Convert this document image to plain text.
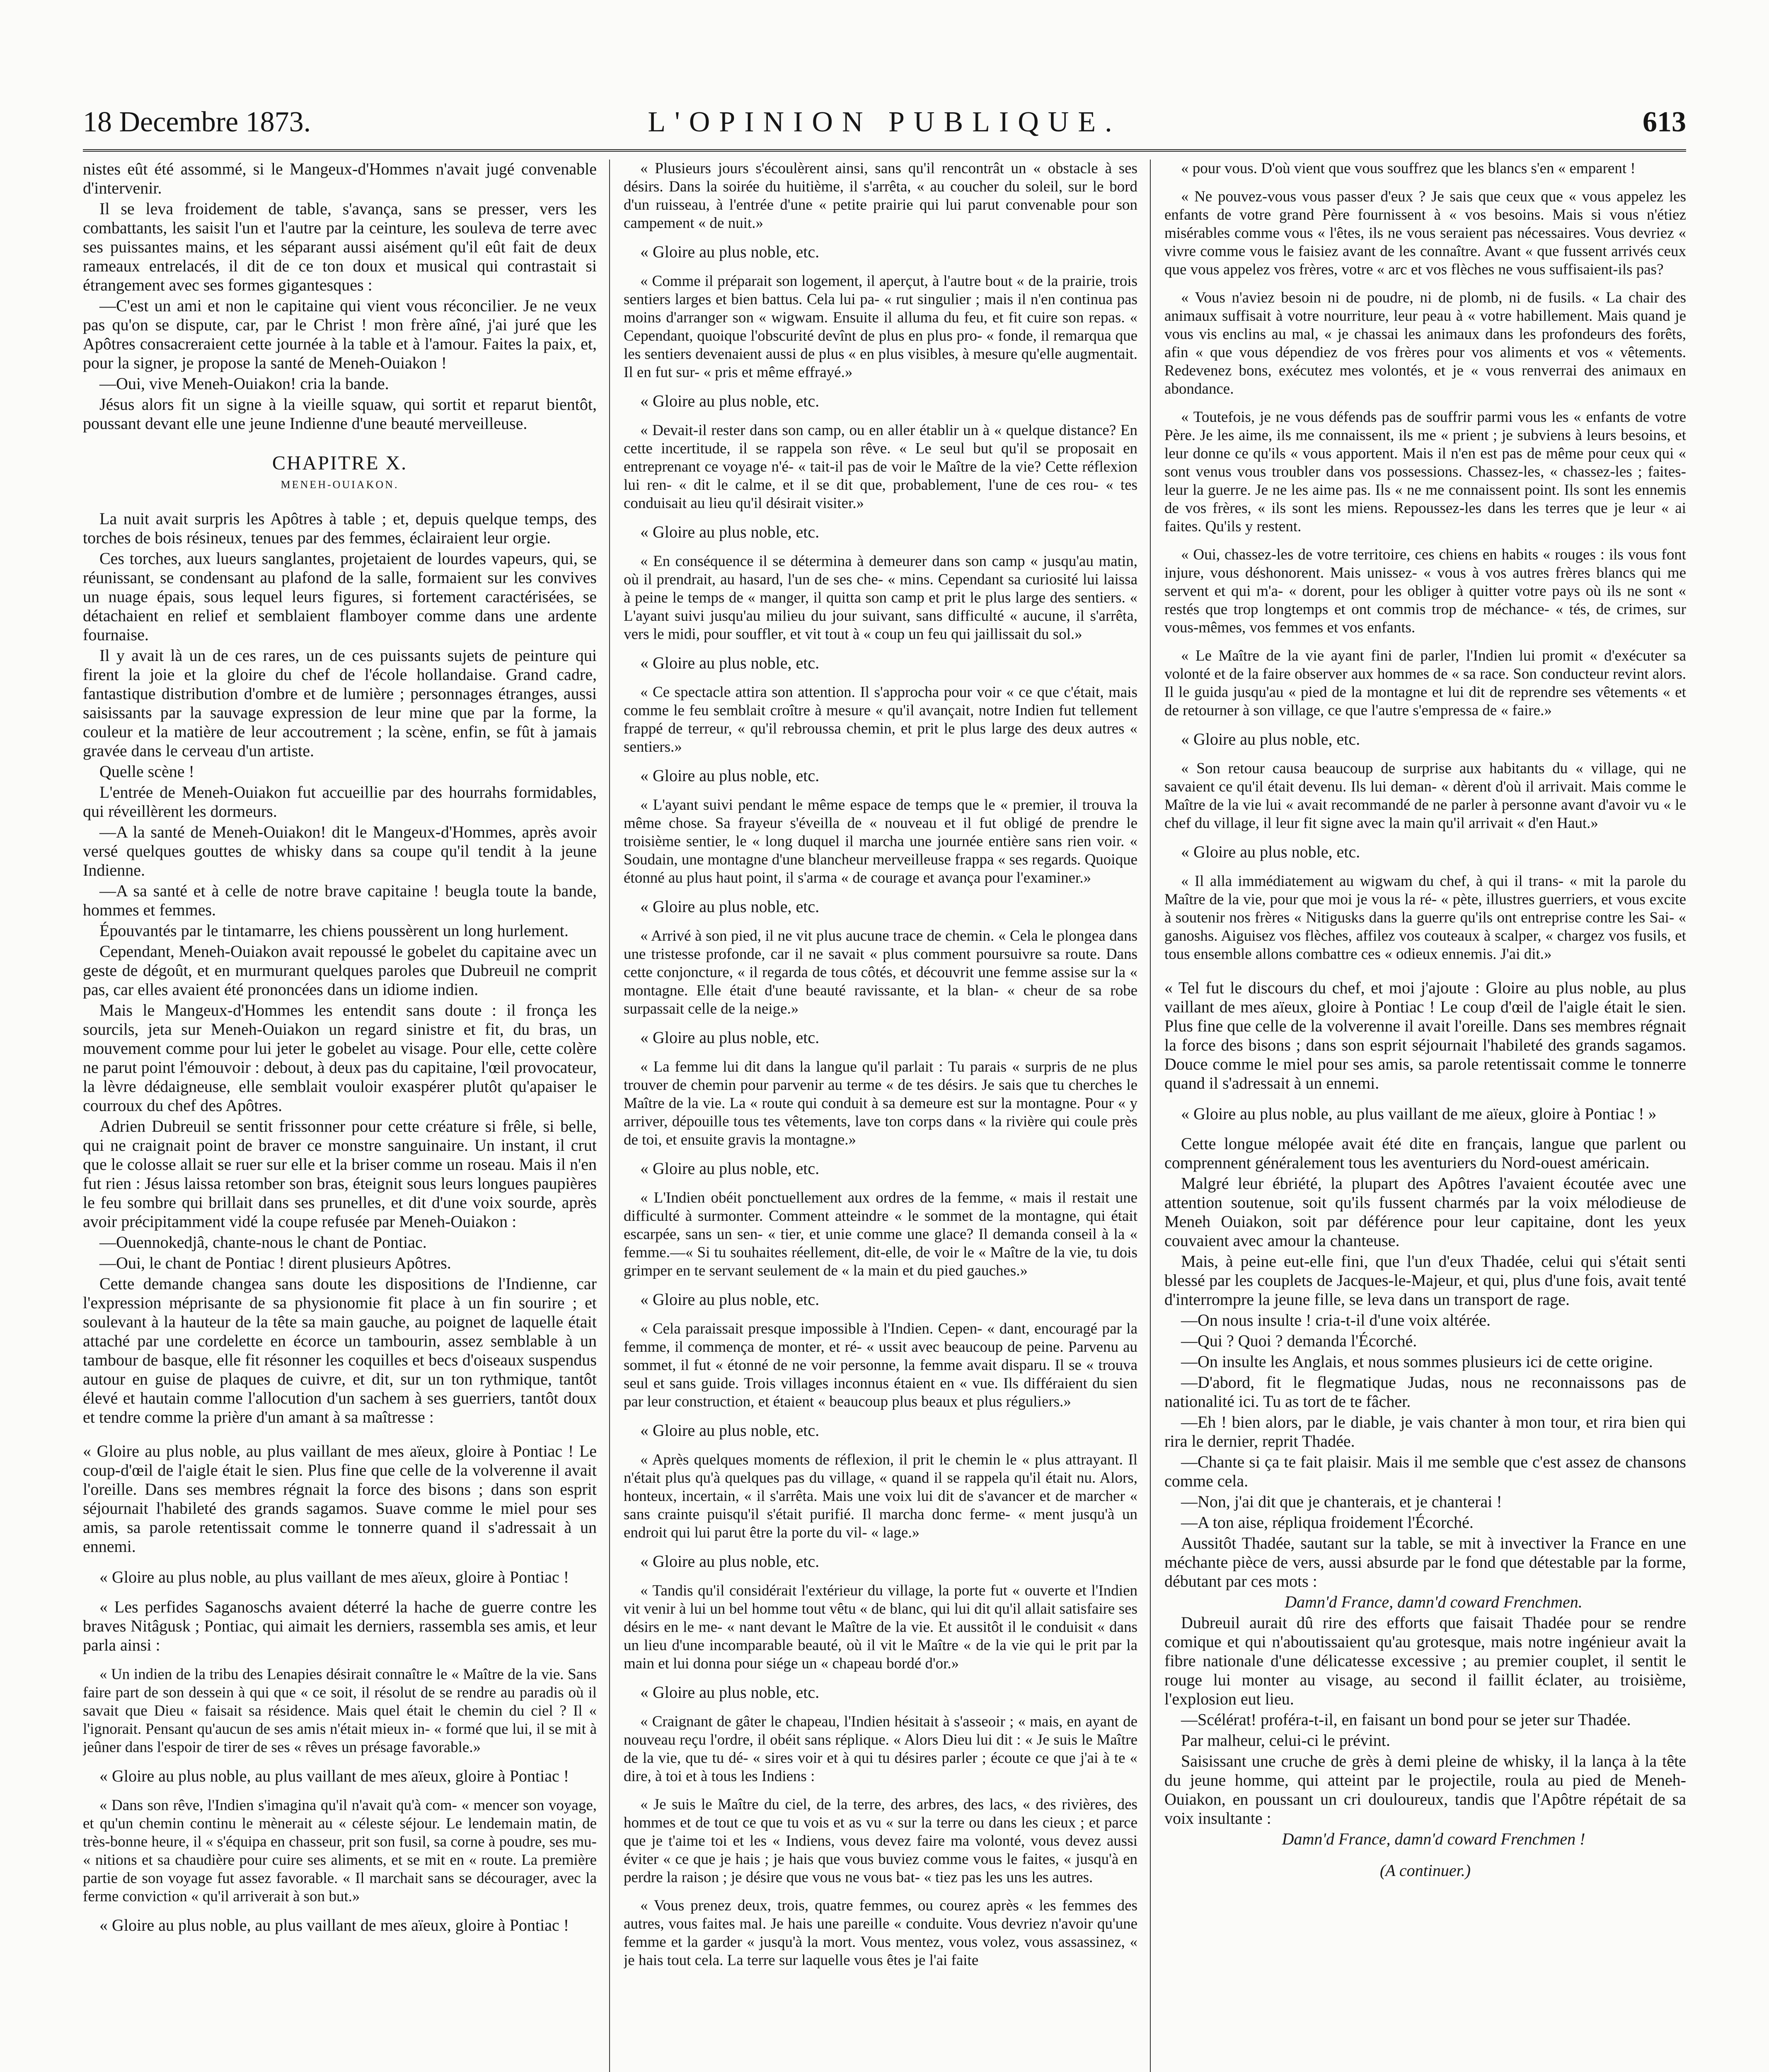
18 Decembre 1873.	L'OPINION PUBLIQUE.	613

nistes eût été assommé, si le Mangeux-d'Hommes n'avait jugé convenable d'intervenir.

Il se leva froidement de table, s'avança, sans se presser, vers les combattants, les saisit l'un et l'autre par la ceinture, les souleva de terre avec ses puissantes mains, et les séparant aussi aisément qu'il eût fait de deux rameaux entrelacés, il dit de ce ton doux et musical qui contrastait si étrangement avec ses formes gigantesques :

—C'est un ami et non le capitaine qui vient vous réconcilier. Je ne veux pas qu'on se dispute, car, par le Christ ! mon frère aîné, j'ai juré que les Apôtres consacreraient cette journée à la table et à l'amour. Faites la paix, et, pour la signer, je propose la santé de Meneh-Ouiakon !

—Oui, vive Meneh-Ouiakon! cria la bande.

Jésus alors fit un signe à la vieille squaw, qui sortit et reparut bientôt, poussant devant elle une jeune Indienne d'une beauté merveilleuse.

CHAPITRE X.
MENEH-OUIAKON.

La nuit avait surpris les Apôtres à table ; et, depuis quelque temps, des torches de bois résineux, tenues par des femmes, éclairaient leur orgie.

Ces torches, aux lueurs sanglantes, projetaient de lourdes vapeurs, qui, se réunissant, se condensant au plafond de la salle, formaient sur les convives un nuage épais, sous lequel leurs figures, si fortement caractérisées, se détachaient en relief et semblaient flamboyer comme dans une ardente fournaise.

Il y avait là un de ces rares, un de ces puissants sujets de peinture qui firent la joie et la gloire du chef de l'école hollandaise. Grand cadre, fantastique distribution d'ombre et de lumière ; personnages étranges, aussi saisissants par la sauvage expression de leur mine que par la forme, la couleur et la matière de leur accoutrement ; la scène, enfin, se fût à jamais gravée dans le cerveau d'un artiste.

Quelle scène !

L'entrée de Meneh-Ouiakon fut accueillie par des hourrahs formidables, qui réveillèrent les dormeurs.

—A la santé de Meneh-Ouiakon! dit le Mangeux-d'Hommes, après avoir versé quelques gouttes de whisky dans sa coupe qu'il tendit à la jeune Indienne.

—A sa santé et à celle de notre brave capitaine ! beugla toute la bande, hommes et femmes.

Épouvantés par le tintamarre, les chiens poussèrent un long hurlement.

Cependant, Meneh-Ouiakon avait repoussé le gobelet du capitaine avec un geste de dégoût, et en murmurant quelques paroles que Dubreuil ne comprit pas, car elles avaient été prononcées dans un idiome indien.

Mais le Mangeux-d'Hommes les entendit sans doute : il fronça les sourcils, jeta sur Meneh-Ouiakon un regard sinistre et fit, du bras, un mouvement comme pour lui jeter le gobelet au visage. Pour elle, cette colère ne parut point l'émouvoir : debout, à deux pas du capitaine, l'œil provocateur, la lèvre dédaigneuse, elle semblait vouloir exaspérer plutôt qu'apaiser le courroux du chef des Apôtres.

Adrien Dubreuil se sentit frissonner pour cette créature si frêle, si belle, qui ne craignait point de braver ce monstre sanguinaire. Un instant, il crut que le colosse allait se ruer sur elle et la briser comme un roseau. Mais il n'en fut rien : Jésus laissa retomber son bras, éteignit sous leurs longues paupières le feu sombre qui brillait dans ses prunelles, et dit d'une voix sourde, après avoir précipitamment vidé la coupe refusée par Meneh-Ouiakon :

—Ouennokedjâ, chante-nous le chant de Pontiac.

—Oui, le chant de Pontiac ! dirent plusieurs Apôtres.

Cette demande changea sans doute les dispositions de l'Indienne, car l'expression méprisante de sa physionomie fit place à un fin sourire ; et soulevant à la hauteur de la tête sa main gauche, au poignet de laquelle était attaché par une cordelette en écorce un tambourin, assez semblable à un tambour de basque, elle fit résonner les coquilles et becs d'oiseaux suspendus autour en guise de plaques de cuivre, et dit, sur un ton rythmique, tantôt élevé et hautain comme l'allocution d'un sachem à ses guerriers, tantôt doux et tendre comme la prière d'un amant à sa maîtresse :

« Gloire au plus noble, au plus vaillant de mes aïeux, gloire à Pontiac ! Le coup-d'œil de l'aigle était le sien. Plus fine que celle de la volverenne il avait l'oreille. Dans ses membres régnait la force des bisons ; dans son esprit séjournait l'habileté des grands sagamos. Suave comme le miel pour ses amis, sa parole retentissait comme le tonnerre quand il s'adressait à un ennemi.

« Gloire au plus noble, au plus vaillant de mes aïeux, gloire à Pontiac !

« Les perfides Saganoschs avaient déterré la hache de guerre contre les braves Nitâgusk ; Pontiac, qui aimait les derniers, rassembla ses amis, et leur parla ainsi :

« Un indien de la tribu des Lenapies désirait connaître le « Maître de la vie. Sans faire part de son dessein à qui que « ce soit, il résolut de se rendre au paradis où il savait que Dieu « faisait sa résidence. Mais quel était le chemin du ciel ? Il « l'ignorait. Pensant qu'aucun de ses amis n'était mieux in- « formé que lui, il se mit à jeûner dans l'espoir de tirer de ses « rêves un présage favorable.»

« Gloire au plus noble, au plus vaillant de mes aïeux, gloire à Pontiac !

« Dans son rêve, l'Indien s'imagina qu'il n'avait qu'à com- « mencer son voyage, et qu'un chemin continu le mènerait au « céleste séjour. Le lendemain matin, de très-bonne heure, il « s'équipa en chasseur, prit son fusil, sa corne à poudre, ses mu- « nitions et sa chaudière pour cuire ses aliments, et se mit en « route. La première partie de son voyage fut assez favorable. « Il marchait sans se décourager, avec la ferme conviction « qu'il arriverait à son but.»

« Gloire au plus noble, au plus vaillant de mes aïeux, gloire à Pontiac !

« Plusieurs jours s'écoulèrent ainsi, sans qu'il rencontrât un « obstacle à ses désirs. Dans la soirée du huitième, il s'arrêta, « au coucher du soleil, sur le bord d'un ruisseau, à l'entrée d'une « petite prairie qui lui parut convenable pour son campement « de nuit.»

« Gloire au plus noble, etc.

« Comme il préparait son logement, il aperçut, à l'autre bout « de la prairie, trois sentiers larges et bien battus. Cela lui pa- « rut singulier ; mais il n'en continua pas moins d'arranger son « wigwam. Ensuite il alluma du feu, et fit cuire son repas. « Cependant, quoique l'obscurité devînt de plus en plus pro- « fonde, il remarqua que les sentiers devenaient aussi de plus « en plus visibles, à mesure qu'elle augmentait. Il en fut sur- « pris et même effrayé.»

« Gloire au plus noble, etc.

« Devait-il rester dans son camp, ou en aller établir un à « quelque distance? En cette incertitude, il se rappela son rêve. « Le seul but qu'il se proposait en entreprenant ce voyage n'é- « tait-il pas de voir le Maître de la vie? Cette réflexion lui ren- « dit le calme, et il se dit que, probablement, l'une de ces rou- « tes conduisait au lieu qu'il désirait visiter.»

« Gloire au plus noble, etc.

« En conséquence il se détermina à demeurer dans son camp « jusqu'au matin, où il prendrait, au hasard, l'un de ses che- « mins. Cependant sa curiosité lui laissa à peine le temps de « manger, il quitta son camp et prit le plus large des sentiers. « L'ayant suivi jusqu'au milieu du jour suivant, sans difficulté « aucune, il s'arrêta, vers le midi, pour souffler, et vit tout à « coup un feu qui jaillissait du sol.»

« Gloire au plus noble, etc.

« Ce spectacle attira son attention. Il s'approcha pour voir « ce que c'était, mais comme le feu semblait croître à mesure « qu'il avançait, notre Indien fut tellement frappé de terreur, « qu'il rebroussa chemin, et prit le plus large des deux autres « sentiers.»

« Gloire au plus noble, etc.

« L'ayant suivi pendant le même espace de temps que le « premier, il trouva la même chose. Sa frayeur s'éveilla de « nouveau et il fut obligé de prendre le troisième sentier, le « long duquel il marcha une journée entière sans rien voir. « Soudain, une montagne d'une blancheur merveilleuse frappa « ses regards. Quoique étonné au plus haut point, il s'arma « de courage et avança pour l'examiner.»

« Gloire au plus noble, etc.

« Arrivé à son pied, il ne vit plus aucune trace de chemin. « Cela le plongea dans une tristesse profonde, car il ne savait « plus comment poursuivre sa route. Dans cette conjoncture, « il regarda de tous côtés, et découvrit une femme assise sur la « montagne. Elle était d'une beauté ravissante, et la blan- « cheur de sa robe surpassait celle de la neige.»

« Gloire au plus noble, etc.

« La femme lui dit dans la langue qu'il parlait : Tu parais « surpris de ne plus trouver de chemin pour parvenir au terme « de tes désirs. Je sais que tu cherches le Maître de la vie. La « route qui conduit à sa demeure est sur la montagne. Pour « y arriver, dépouille tous tes vêtements, lave ton corps dans « la rivière qui coule près de toi, et ensuite gravis la montagne.»

« Gloire au plus noble, etc.

« L'Indien obéit ponctuellement aux ordres de la femme, « mais il restait une difficulté à surmonter. Comment atteindre « le sommet de la montagne, qui était escarpée, sans un sen- « tier, et unie comme une glace? Il demanda conseil à la « femme.—« Si tu souhaites réellement, dit-elle, de voir le « Maître de la vie, tu dois grimper en te servant seulement de « la main et du pied gauches.»

« Gloire au plus noble, etc.

« Cela paraissait presque impossible à l'Indien. Cepen- « dant, encouragé par la femme, il commença de monter, et ré- « ussit avec beaucoup de peine. Parvenu au sommet, il fut « étonné de ne voir personne, la femme avait disparu. Il se « trouva seul et sans guide. Trois villages inconnus étaient en « vue. Ils différaient du sien par leur construction, et étaient « beaucoup plus beaux et plus réguliers.»

« Gloire au plus noble, etc.

« Après quelques moments de réflexion, il prit le chemin le « plus attrayant. Il n'était plus qu'à quelques pas du village, « quand il se rappela qu'il était nu. Alors, honteux, incertain, « il s'arrêta. Mais une voix lui dit de s'avancer et de marcher « sans crainte puisqu'il s'était purifié. Il marcha donc ferme- « ment jusqu'à un endroit qui lui parut être la porte du vil- « lage.»

« Gloire au plus noble, etc.

« Tandis qu'il considérait l'extérieur du village, la porte fut « ouverte et l'Indien vit venir à lui un bel homme tout vêtu « de blanc, qui lui dit qu'il allait satisfaire ses désirs en le me- « nant devant le Maître de la vie. Et aussitôt il le conduisit « dans un lieu d'une incomparable beauté, où il vit le Maître « de la vie qui le prit par la main et lui donna pour siége un « chapeau bordé d'or.»

« Gloire au plus noble, etc.

« Craignant de gâter le chapeau, l'Indien hésitait à s'asseoir ; « mais, en ayant de nouveau reçu l'ordre, il obéit sans réplique. « Alors Dieu lui dit : « Je suis le Maître de la vie, que tu dé- « sires voir et à qui tu désires parler ; écoute ce que j'ai à te « dire, à toi et à tous les Indiens :

« Je suis le Maître du ciel, de la terre, des arbres, des lacs, « des rivières, des hommes et de tout ce que tu vois et as vu « sur la terre ou dans les cieux ; et parce que je t'aime toi et les « Indiens, vous devez faire ma volonté, vous devez aussi éviter « ce que je hais ; je hais que vous buviez comme vous le faites, « jusqu'à en perdre la raison ; je désire que vous ne vous bat- « tiez pas les uns les autres.

« Vous prenez deux, trois, quatre femmes, ou courez après « les femmes des autres, vous faites mal. Je hais une pareille « conduite. Vous devriez n'avoir qu'une femme et la garder « jusqu'à la mort. Vous mentez, vous volez, vous assassinez, « je hais tout cela. La terre sur laquelle vous êtes je l'ai faite

« pour vous. D'où vient que vous souffrez que les blancs s'en « emparent !

« Ne pouvez-vous vous passer d'eux ? Je sais que ceux que « vous appelez les enfants de votre grand Père fournissent à « vos besoins. Mais si vous n'étiez misérables comme vous « l'êtes, ils ne vous seraient pas nécessaires. Vous devriez « vivre comme vous le faisiez avant de les connaître. Avant « que fussent arrivés ceux que vous appelez vos frères, votre « arc et vos flèches ne vous suffisaient-ils pas?

« Vous n'aviez besoin ni de poudre, ni de plomb, ni de fusils. « La chair des animaux suffisait à votre nourriture, leur peau à « votre habillement. Mais quand je vous vis enclins au mal, « je chassai les animaux dans les profondeurs des forêts, afin « que vous dépendiez de vos frères pour vos aliments et vos « vêtements. Redevenez bons, exécutez mes volontés, et je « vous renverrai des animaux en abondance.

« Toutefois, je ne vous défends pas de souffrir parmi vous les « enfants de votre Père. Je les aime, ils me connaissent, ils me « prient ; je subviens à leurs besoins, et leur donne ce qu'ils « vous apportent. Mais il n'en est pas de même pour ceux qui « sont venus vous troubler dans vos possessions. Chassez-les, « chassez-les ; faites-leur la guerre. Je ne les aime pas. Ils « ne me connaissent point. Ils sont les ennemis de vos frères, « ils sont les miens. Repoussez-les dans les terres que je leur « ai faites. Qu'ils y restent.

« Oui, chassez-les de votre territoire, ces chiens en habits « rouges : ils vous font injure, vous déshonorent. Mais unissez- « vous à vos autres frères blancs qui me servent et qui m'a- « dorent, pour les obliger à quitter votre pays où ils ne sont « restés que trop longtemps et ont commis trop de méchance- « tés, de crimes, sur vous-mêmes, vos femmes et vos enfants.

« Le Maître de la vie ayant fini de parler, l'Indien lui promit « d'exécuter sa volonté et de la faire observer aux hommes de « sa race. Son conducteur revint alors. Il le guida jusqu'au « pied de la montagne et lui dit de reprendre ses vêtements « et de retourner à son village, ce que l'autre s'empressa de « faire.»

« Gloire au plus noble, etc.

« Son retour causa beaucoup de surprise aux habitants du « village, qui ne savaient ce qu'il était devenu. Ils lui deman- « dèrent d'où il arrivait. Mais comme le Maître de la vie lui « avait recommandé de ne parler à personne avant d'avoir vu « le chef du village, il leur fit signe avec la main qu'il arrivait « d'en Haut.»

« Gloire au plus noble, etc.

« Il alla immédiatement au wigwam du chef, à qui il trans- « mit la parole du Maître de la vie, pour que moi je vous la ré- « pète, illustres guerriers, et vous excite à soutenir nos frères « Nitigusks dans la guerre qu'ils ont entreprise contre les Sai- « ganoshs. Aiguisez vos flèches, affilez vos couteaux à scalper, « chargez vos fusils, et tous ensemble allons combattre ces « odieux ennemis. J'ai dit.»

« Tel fut le discours du chef, et moi j'ajoute : Gloire au plus noble, au plus vaillant de mes aïeux, gloire à Pontiac ! Le coup d'œil de l'aigle était le sien. Plus fine que celle de la volverenne il avait l'oreille. Dans ses membres régnait la force des bisons ; dans son esprit séjournait l'habileté des grands sagamos. Douce comme le miel pour ses amis, sa parole retentissait comme le tonnerre quand il s'adressait à un ennemi.

« Gloire au plus noble, au plus vaillant de me aïeux, gloire à Pontiac ! »

Cette longue mélopée avait été dite en français, langue que parlent ou comprennent généralement tous les aventuriers du Nord-ouest américain.

Malgré leur ébriété, la plupart des Apôtres l'avaient écoutée avec une attention soutenue, soit qu'ils fussent charmés par la voix mélodieuse de Meneh Ouiakon, soit par déférence pour leur capitaine, dont les yeux couvaient avec amour la chanteuse.

Mais, à peine eut-elle fini, que l'un d'eux Thadée, celui qui s'était senti blessé par les couplets de Jacques-le-Majeur, et qui, plus d'une fois, avait tenté d'interrompre la jeune fille, se leva dans un transport de rage.

—On nous insulte ! cria-t-il d'une voix altérée.

—Qui ? Quoi ? demanda l'Écorché.

—On insulte les Anglais, et nous sommes plusieurs ici de cette origine.

—D'abord, fit le flegmatique Judas, nous ne reconnaissons pas de nationalité ici. Tu as tort de te fâcher.

—Eh ! bien alors, par le diable, je vais chanter à mon tour, et rira bien qui rira le dernier, reprit Thadée.

—Chante si ça te fait plaisir. Mais il me semble que c'est assez de chansons comme cela.

—Non, j'ai dit que je chanterais, et je chanterai !

—A ton aise, répliqua froidement l'Écorché.

Aussitôt Thadée, sautant sur la table, se mit à invectiver la France en une méchante pièce de vers, aussi absurde par le fond que détestable par la forme, débutant par ces mots :

Damn'd France, damn'd coward Frenchmen.

Dubreuil aurait dû rire des efforts que faisait Thadée pour se rendre comique et qui n'aboutissaient qu'au grotesque, mais notre ingénieur avait la fibre nationale d'une délicatesse excessive ; au premier couplet, il sentit le rouge lui monter au visage, au second il faillit éclater, au troisième, l'explosion eut lieu.

—Scélérat! proféra-t-il, en faisant un bond pour se jeter sur Thadée.

Par malheur, celui-ci le prévint.

Saisissant une cruche de grès à demi pleine de whisky, il la lança à la tête du jeune homme, qui atteint par le projectile, roula au pied de Meneh-Ouiakon, en poussant un cri douloureux, tandis que l'Apôtre répétait de sa voix insultante :

Damn'd France, damn'd coward Frenchmen !

(A continuer.)
